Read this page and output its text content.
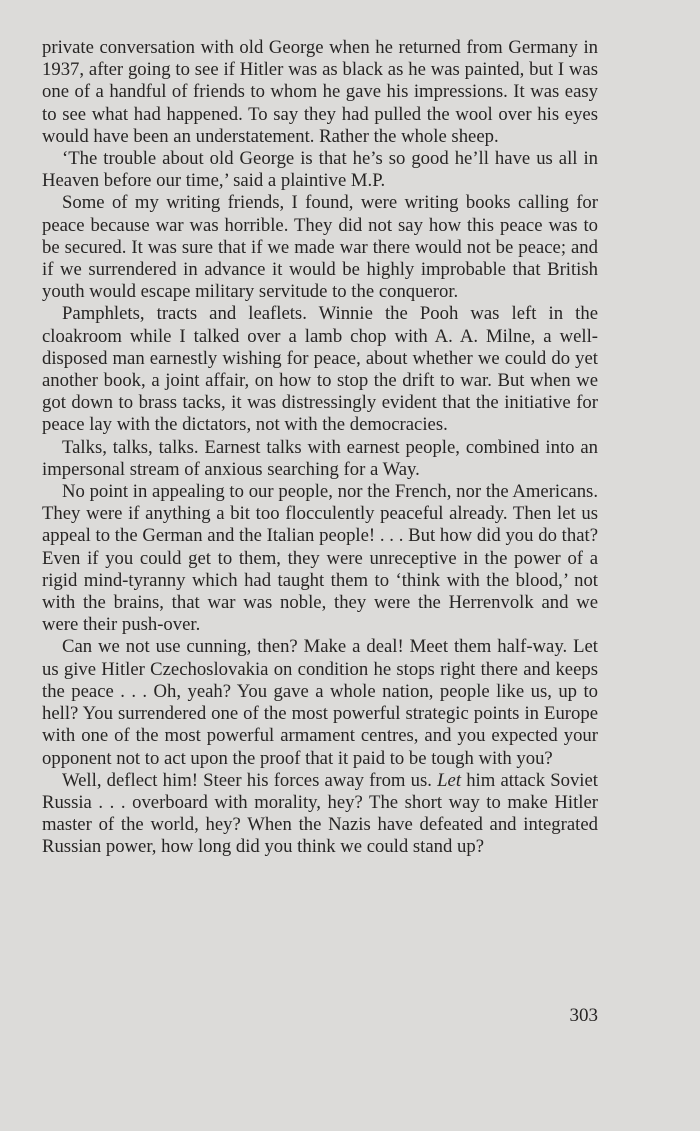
private conversation with old George when he returned from Germany in 1937, after going to see if Hitler was as black as he was painted, but I was one of a handful of friends to whom he gave his impressions. It was easy to see what had happened. To say they had pulled the wool over his eyes would have been an understatement. Rather the whole sheep.

‘The trouble about old George is that he’s so good he’ll have us all in Heaven before our time,’ said a plaintive M.P.

Some of my writing friends, I found, were writing books calling for peace because war was horrible. They did not say how this peace was to be secured. It was sure that if we made war there would not be peace; and if we surrendered in advance it would be highly improbable that British youth would escape military servitude to the conqueror.

Pamphlets, tracts and leaflets. Winnie the Pooh was left in the cloakroom while I talked over a lamb chop with A. A. Milne, a well-disposed man earnestly wishing for peace, about whether we could do yet another book, a joint affair, on how to stop the drift to war. But when we got down to brass tacks, it was distressingly evident that the initiative for peace lay with the dictators, not with the democracies.

Talks, talks, talks. Earnest talks with earnest people, combined into an impersonal stream of anxious searching for a Way.

No point in appealing to our people, nor the French, nor the Americans. They were if anything a bit too flocculently peaceful already. Then let us appeal to the German and the Italian people! . . . But how did you do that? Even if you could get to them, they were unreceptive in the power of a rigid mind-tyranny which had taught them to ‘think with the blood,’ not with the brains, that war was noble, they were the Herrenvolk and we were their push-over.

Can we not use cunning, then? Make a deal! Meet them half-way. Let us give Hitler Czechoslovakia on condition he stops right there and keeps the peace . . . Oh, yeah? You gave a whole nation, people like us, up to hell? You surrendered one of the most powerful strategic points in Europe with one of the most powerful armament centres, and you expected your opponent not to act upon the proof that it paid to be tough with you?

Well, deflect him! Steer his forces away from us. Let him attack Soviet Russia . . . overboard with morality, hey? The short way to make Hitler master of the world, hey? When the Nazis have defeated and integrated Russian power, how long did you think we could stand up?

303
